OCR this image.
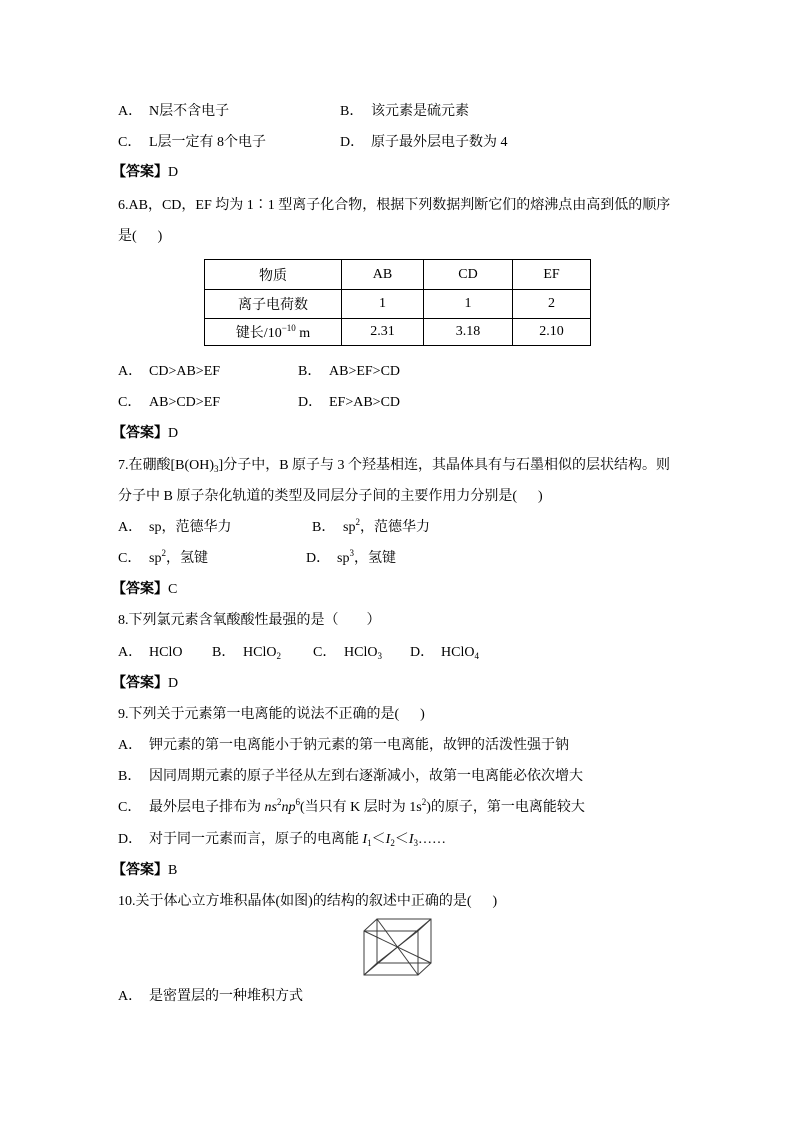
A． N层不含电子	B． 该元素是硫元素
C． L层一定有 8个电子	D． 原子最外层电子数为 4
【答案】D
6.AB，CD，EF 均为 1∶1 型离子化合物，根据下列数据判断它们的熔沸点由高到低的顺序
是(      )
物质	AB	CD	EF
离子电荷数	1	1	2
键长$/10^{-10}$ m	2.31	3.18	2.10
A． CD>AB>EF	B． AB>EF>CD
C． AB>CD>EF	D． EF>AB>CD
【答案】D
7.在硼酸$[B(OH)_3]$分子中，B 原子与 3 个羟基相连，其晶体具有与石墨相似的层状结构。则
分子中 B 原子杂化轨道的类型及同层分子间的主要作用力分别是(      )
A． sp，范德华力	B． $sp^2$，范德华力
C． $sp^2$，氢键	D． $sp^3$，氢键
【答案】C
8.下列氯元素含氧酸酸性最强的是（        ）
A． HClO B． HClO$_2$ C． HClO$_3$ D． HClO$_4$
【答案】D
9.下列关于元素第一电离能的说法不正确的是(      )
A． 钾元素的第一电离能小于钠元素的第一电离能，故钾的活泼性强于钠
B． 因同周期元素的原子半径从左到右逐渐减小，故第一电离能必依次增大
C． 最外层电子排布为 $ns^2np^6$(当只有 K 层时为 $1s^2$)的原子，第一电离能较大
D． 对于同一元素而言，原子的电离能 $I_1<I_2<I_3\dots\dots$
【答案】B
10.关于体心立方堆积晶体(如图)的结构的叙述中正确的是(      )
A． 是密置层的一种堆积方式
